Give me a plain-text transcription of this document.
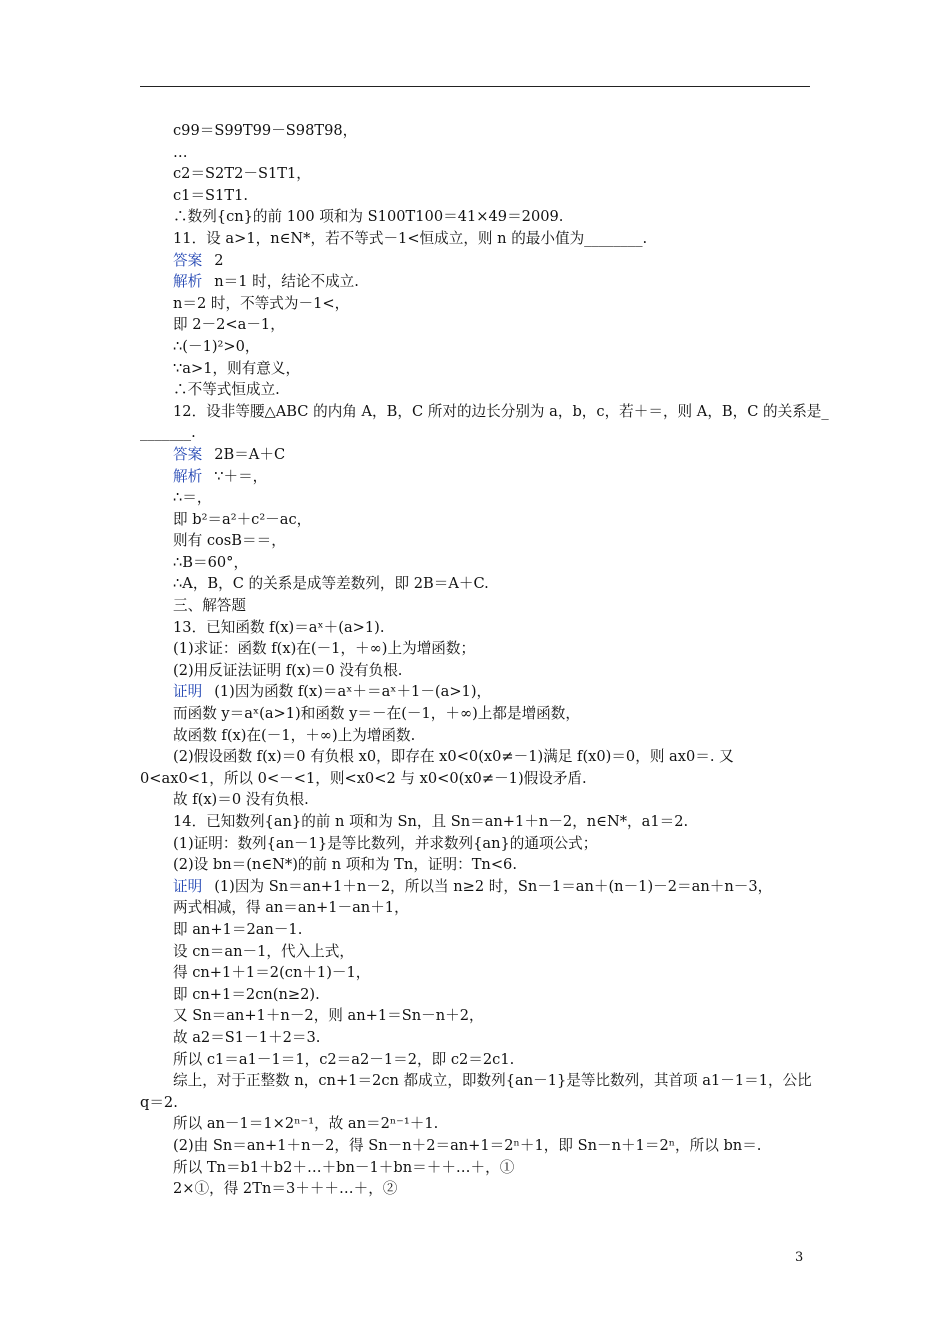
c99＝S99T99－S98T98，
…
c2＝S2T2－S1T1，
c1＝S1T1.
∴数列{cn}的前 100 项和为 S100T100＝41×49＝2009.
11．设 a>1，n∈N*，若不等式－1<恒成立，则 n 的最小值为________.
答案 2
解析 n＝1 时，结论不成立.
n＝2 时，不等式为－1<，
即 2－2<a－1，
∴(－1)²>0，
∵a>1，则有意义，
∴不等式恒成立.
12．设非等腰△ABC 的内角 A，B，C 所对的边长分别为 a，b，c，若＋＝，则 A，B，C 的关系是_
_______.
答案 2B＝A＋C
解析 ∵＋＝，
∴＝，
即 b²＝a²＋c²－ac，
则有 cosB＝＝，
∴B＝60°，
∴A，B，C 的关系是成等差数列，即 2B＝A＋C.
三、解答题
13．已知函数 f(x)＝aˣ＋(a>1).
(1)求证：函数 f(x)在(－1，＋∞)上为增函数；
(2)用反证法证明 f(x)＝0 没有负根.
证明 (1)因为函数 f(x)＝aˣ＋＝aˣ＋1－(a>1)，
而函数 y＝aˣ(a>1)和函数 y＝－在(－1，＋∞)上都是增函数，
故函数 f(x)在(－1，＋∞)上为增函数.
(2)假设函数 f(x)＝0 有负根 x0，即存在 x0<0(x0≠－1)满足 f(x0)＝0，则 ax0＝. 又
0<ax0<1，所以 0<－<1，则<x0<2 与 x0<0(x0≠－1)假设矛盾.
故 f(x)＝0 没有负根.
14．已知数列{an}的前 n 项和为 Sn，且 Sn＝an+1＋n－2，n∈N*，a1＝2.
(1)证明：数列{an－1}是等比数列，并求数列{an}的通项公式；
(2)设 bn＝(n∈N*)的前 n 项和为 Tn，证明：Tn<6.
证明 (1)因为 Sn＝an+1＋n－2，所以当 n≥2 时，Sn－1＝an＋(n－1)－2＝an＋n－3，
两式相减，得 an＝an+1－an＋1，
即 an+1＝2an－1.
设 cn＝an－1，代入上式，
得 cn+1＋1＝2(cn＋1)－1，
即 cn+1＝2cn(n≥2).
又 Sn＝an+1＋n－2，则 an+1＝Sn－n＋2，
故 a2＝S1－1＋2＝3.
所以 c1＝a1－1＝1，c2＝a2－1＝2，即 c2＝2c1.
综上，对于正整数 n，cn+1＝2cn 都成立，即数列{an－1}是等比数列，其首项 a1－1＝1，公比
q＝2.
所以 an－1＝1×2ⁿ⁻¹，故 an＝2ⁿ⁻¹＋1.
(2)由 Sn＝an+1＋n－2，得 Sn－n＋2＝an+1＝2ⁿ＋1，即 Sn－n＋1＝2ⁿ，所以 bn＝.
所以 Tn＝b1＋b2＋…＋bn－1＋bn＝＋＋…＋，①
2×①，得 2Tn＝3＋＋＋…＋，②
3
